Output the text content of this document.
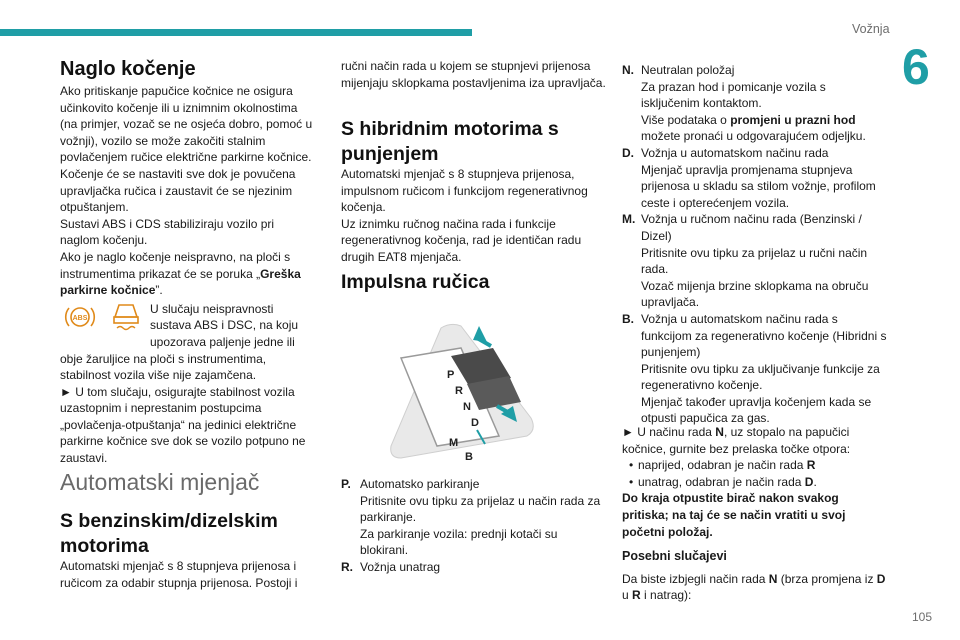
Vožnja
6
105
Naglo kočenje

Ako pritiskanje papučice kočnice ne osigura učinkovito kočenje ili u iznimnim okolnostima (na primjer, vozač se ne osjeća dobro, pomoć u vožnji), vozilo se može zakočiti stalnim povlačenjem ručice električne parkirne kočnice.

Kočenje će se nastaviti sve dok je povučena upravljačka ručica i zaustavit će se njezinim otpuštanjem.

Sustavi ABS i CDS stabiliziraju vozilo pri naglom kočenju.

Ako je naglo kočenje neispravno, na ploči s instrumentima prikazat će se poruka „Greška parkirne kočnice”.

ABS

U slučaju neispravnosti sustava ABS i DSC, na koju upozorava paljenje jedne ili obje žaruljice na ploči s instrumentima, stabilnost vozila više nije zajamčena.

► U tom slučaju, osigurajte stabilnost vozila uzastopnim i neprestanim postupcima „povlačenja-otpuštanja“ na jedinici električne parkirne kočnice sve dok se vozilo potpuno ne zaustavi.

Automatski mjenjač
S benzinskim/dizelskim motorima

Automatski mjenjač s 8 stupnjeva prijenosa i ručicom za odabir stupnja prijenosa. Postoji i

ručni način rada u kojem se stupnjevi prijenosa mijenjaju sklopkama postavljenima iza upravljača.

S hibridnim motorima s punjenjem

Automatski mjenjač s 8 stupnjeva prijenosa, impulsnom ručicom i funkcijom regenerativnog kočenja.

Uz iznimku ručnog načina rada i funkcije regenerativnog kočenja, rad je identičan radu drugih EAT8 mjenjača.

Impulsna ručica
P
R
N
D
M
B
P. Automatsko parkiranje
Pritisnite ovu tipku za prijelaz u način rada za parkiranje.
Za parkiranje vozila: prednji kotači su blokirani.
R. Vožnja unatrag
N. Neutralan položaj
Za prazan hod i pomicanje vozila s isključenim kontaktom.
Više podataka o promjeni u prazni hod možete pronaći u odgovarajućem odjeljku.
D. Vožnja u automatskom načinu rada
Mjenjač upravlja promjenama stupnjeva prijenosa u skladu sa stilom vožnje, profilom ceste i opterećenjem vozila.
M. Vožnja u ručnom načinu rada (Benzinski / Dizel)
Pritisnite ovu tipku za prijelaz u ručni način rada.
Vozač mijenja brzine sklopkama na obruču upravljača.
B. Vožnja u automatskom načinu rada s funkcijom za regenerativno kočenje (Hibridni s punjenjem)
Pritisnite ovu tipku za uključivanje funkcije za regenerativno kočenje.
Mjenjač također upravlja kočenjem kada se otpusti papučica za gas.

► U načinu rada N, uz stopalo na papučici kočnice, gurnite bez prelaska točke otpora:

• naprijed, odabran je način rada R
• unatrag, odabran je način rada D.

Do kraja otpustite birač nakon svakog pritiska; na taj će se način vratiti u svoj početni položaj.

Posebni slučajevi

Da biste izbjegli način rada N (brza promjena iz D u R i natrag):
